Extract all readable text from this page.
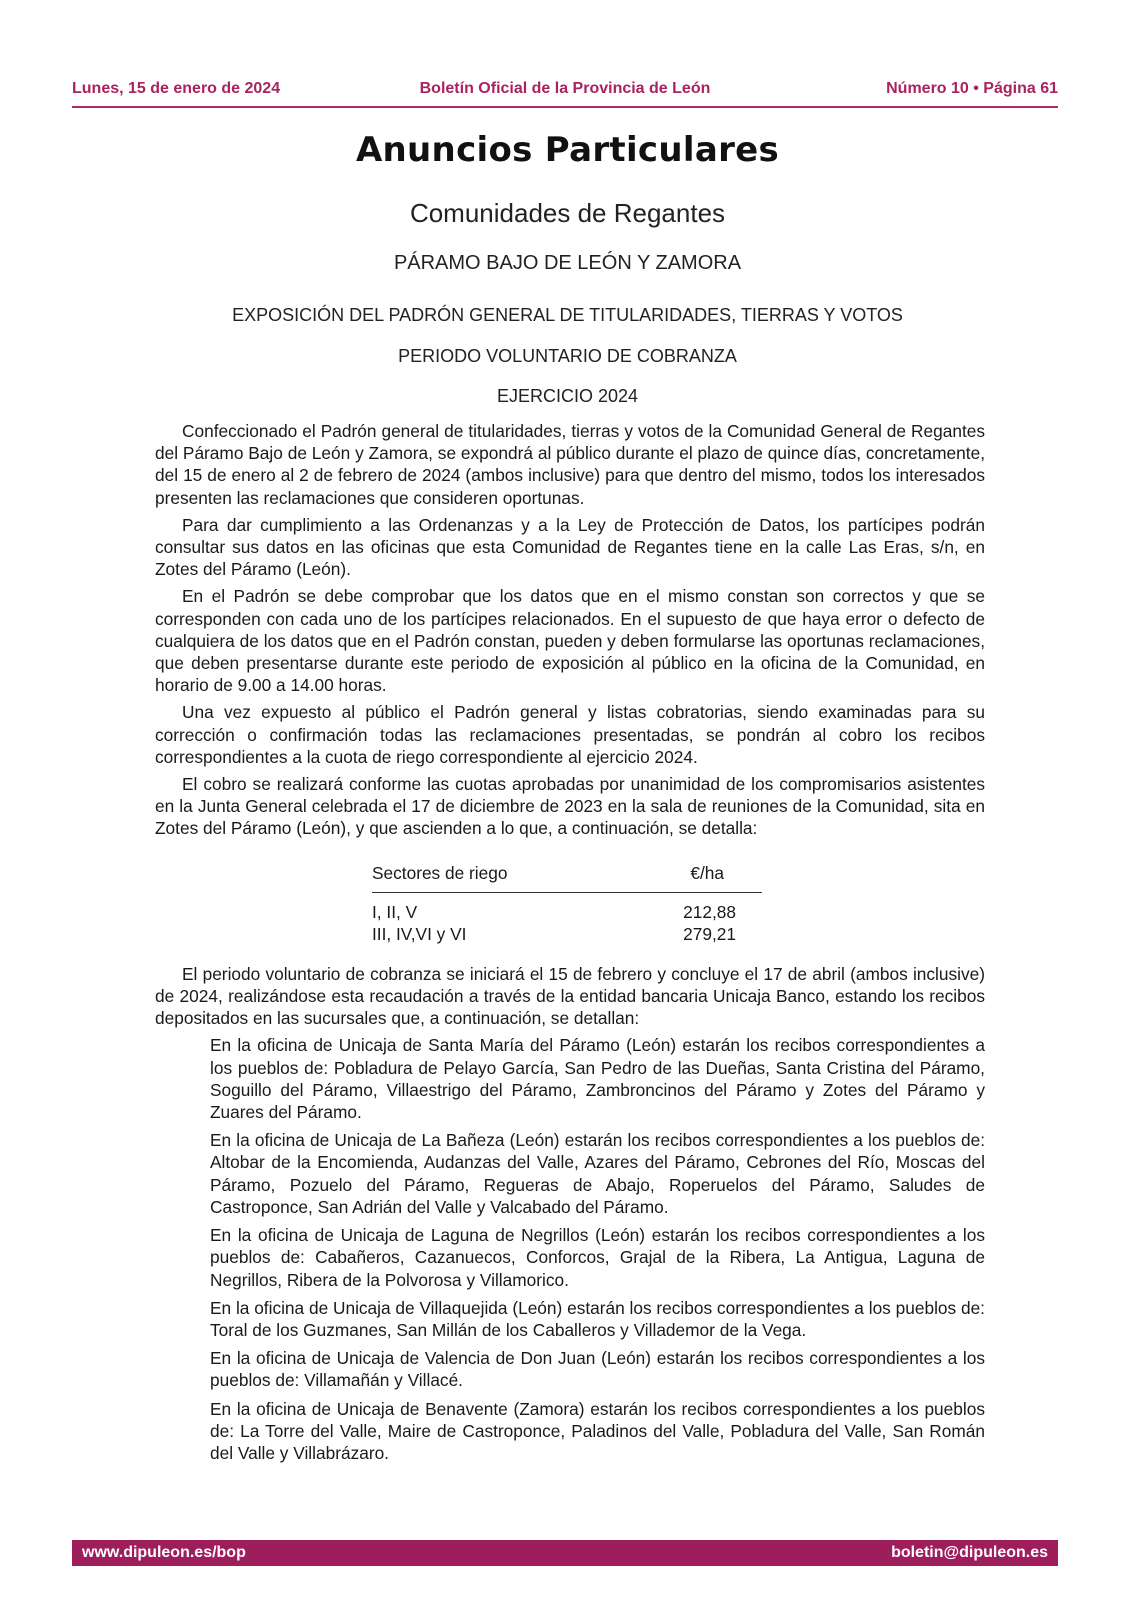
Lunes, 15 de enero de 2024	Boletín Oficial de la Provincia de León	Número 10 • Página 61
Anuncios Particulares
Comunidades de Regantes
PÁRAMO BAJO DE LEÓN Y ZAMORA
EXPOSICIÓN DEL PADRÓN GENERAL DE TITULARIDADES, TIERRAS Y VOTOS
PERIODO VOLUNTARIO DE COBRANZA
EJERCICIO 2024

Confeccionado el Padrón general de titularidades, tierras y votos de la Comunidad General de Regantes del Páramo Bajo de León y Zamora, se expondrá al público durante el plazo de quince días, concretamente, del 15 de enero al 2 de febrero de 2024 (ambos inclusive) para que dentro del mismo, todos los interesados presenten las reclamaciones que consideren oportunas.

Para dar cumplimiento a las Ordenanzas y a la Ley de Protección de Datos, los partícipes podrán consultar sus datos en las oficinas que esta Comunidad de Regantes tiene en la calle Las Eras, s/n, en Zotes del Páramo (León).

En el Padrón se debe comprobar que los datos que en el mismo constan son correctos y que se corresponden con cada uno de los partícipes relacionados. En el supuesto de que haya error o defecto de cualquiera de los datos que en el Padrón constan, pueden y deben formularse las oportunas reclamaciones, que deben presentarse durante este periodo de exposición al público en la oficina de la Comunidad, en horario de 9.00 a 14.00 horas.

Una vez expuesto al público el Padrón general y listas cobratorias, siendo examinadas para su corrección o confirmación todas las reclamaciones presentadas, se pondrán al cobro los recibos correspondientes a la cuota de riego correspondiente al ejercicio 2024.

El cobro se realizará conforme las cuotas aprobadas por unanimidad de los compromisarios asistentes en la Junta General celebrada el 17 de diciembre de 2023 en la sala de reuniones de la Comunidad, sita en Zotes del Páramo (León), y que ascienden a lo que, a continuación, se detalla:

Sectores de riego	€/ha
I, II, V	212,88
III, IV,VI y VI	279,21

El periodo voluntario de cobranza se iniciará el 15 de febrero y concluye el 17 de abril (ambos inclusive) de 2024, realizándose esta recaudación a través de la entidad bancaria Unicaja Banco, estando los recibos depositados en las sucursales que, a continuación, se detallan:

En la oficina de Unicaja de Santa María del Páramo (León) estarán los recibos correspondientes a los pueblos de: Pobladura de Pelayo García, San Pedro de las Dueñas, Santa Cristina del Páramo, Soguillo del Páramo, Villaestrigo del Páramo, Zambroncinos del Páramo y Zotes del Páramo y Zuares del Páramo.

En la oficina de Unicaja de La Bañeza (León) estarán los recibos correspondientes a los pueblos de: Altobar de la Encomienda, Audanzas del Valle, Azares del Páramo, Cebrones del Río, Moscas del Páramo, Pozuelo del Páramo, Regueras de Abajo, Roperuelos del Páramo, Saludes de Castroponce, San Adrián del Valle y Valcabado del Páramo.

En la oficina de Unicaja de Laguna de Negrillos (León) estarán los recibos correspondientes a los pueblos de: Cabañeros, Cazanuecos, Conforcos, Grajal de la Ribera, La Antigua, Laguna de Negrillos, Ribera de la Polvorosa y Villamorico.

En la oficina de Unicaja de Villaquejida (León) estarán los recibos correspondientes a los pueblos de: Toral de los Guzmanes, San Millán de los Caballeros y Villademor de la Vega.

En la oficina de Unicaja de Valencia de Don Juan (León) estarán los recibos correspondientes a los pueblos de: Villamañán y Villacé.

En la oficina de Unicaja de Benavente (Zamora) estarán los recibos correspondientes a los pueblos de: La Torre del Valle, Maire de Castroponce, Paladinos del Valle, Pobladura del Valle, San Román del Valle y Villabrázaro.

www.dipuleon.es/bop	boletin@dipuleon.es
